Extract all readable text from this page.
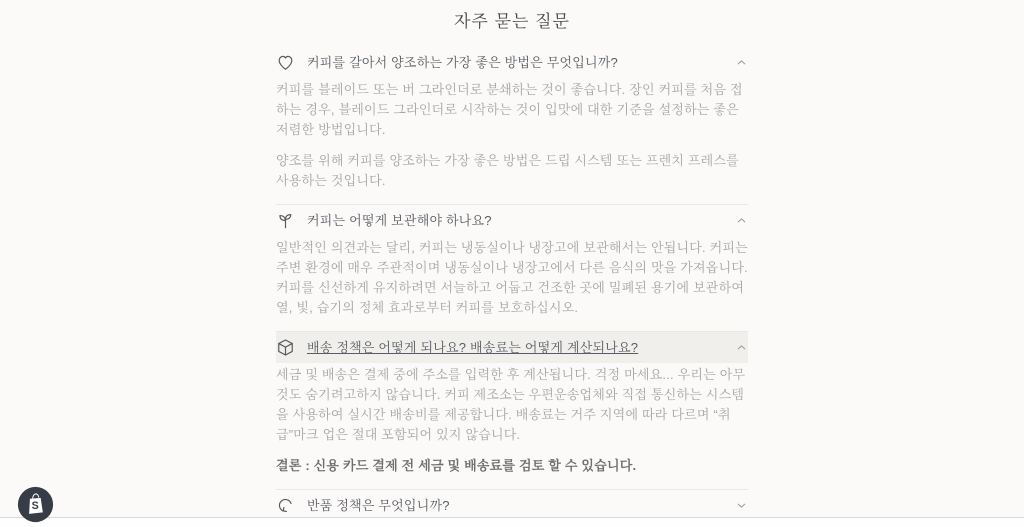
자주 묻는 질문
커피를 갈아서 양조하는 가장 좋은 방법은 무엇입니까?

커피를 블레이드 또는 버 그라인더로 분쇄하는 것이 좋습니다. 장인 커피를 처음 접하는 경우, 블레이드 그라인더로 시작하는 것이 입맛에 대한 기준을 설정하는 좋은 저렴한 방법입니다.

양조를 위해 커피를 양조하는 가장 좋은 방법은 드립 시스템 또는 프렌치 프레스를 사용하는 것입니다.

커피는 어떻게 보관해야 하나요?

일반적인 의견과는 달리, 커피는 냉동실이나 냉장고에 보관해서는 안됩니다. 커피는 주변 환경에 매우 주관적이며 냉동실이나 냉장고에서 다른 음식의 맛을 가져옵니다. 커피를 신선하게 유지하려면 서늘하고 어둡고 건조한 곳에 밀폐된 용기에 보관하여 열, 빛, 습기의 정체 효과로부터 커피를 보호하십시오.

배송 정책은 어떻게 되나요? 배송료는 어떻게 계산되나요?

세금 및 배송은 결제 중에 주소를 입력한 후 계산됩니다. 걱정 마세요... 우리는 아무것도 숨기려고하지 않습니다. 커피 제조소는 우편운송업체와 직접 통신하는 시스템을 사용하여 실시간 배송비를 제공합니다. 배송료는 거주 지역에 따라 다르며 “취급”마크 업은 절대 포함되어 있지 않습니다.

결론 : 신용 카드 결제 전 세금 및 배송료를 검토 할 수 있습니다.

반품 정책은 무엇입니까?
S
